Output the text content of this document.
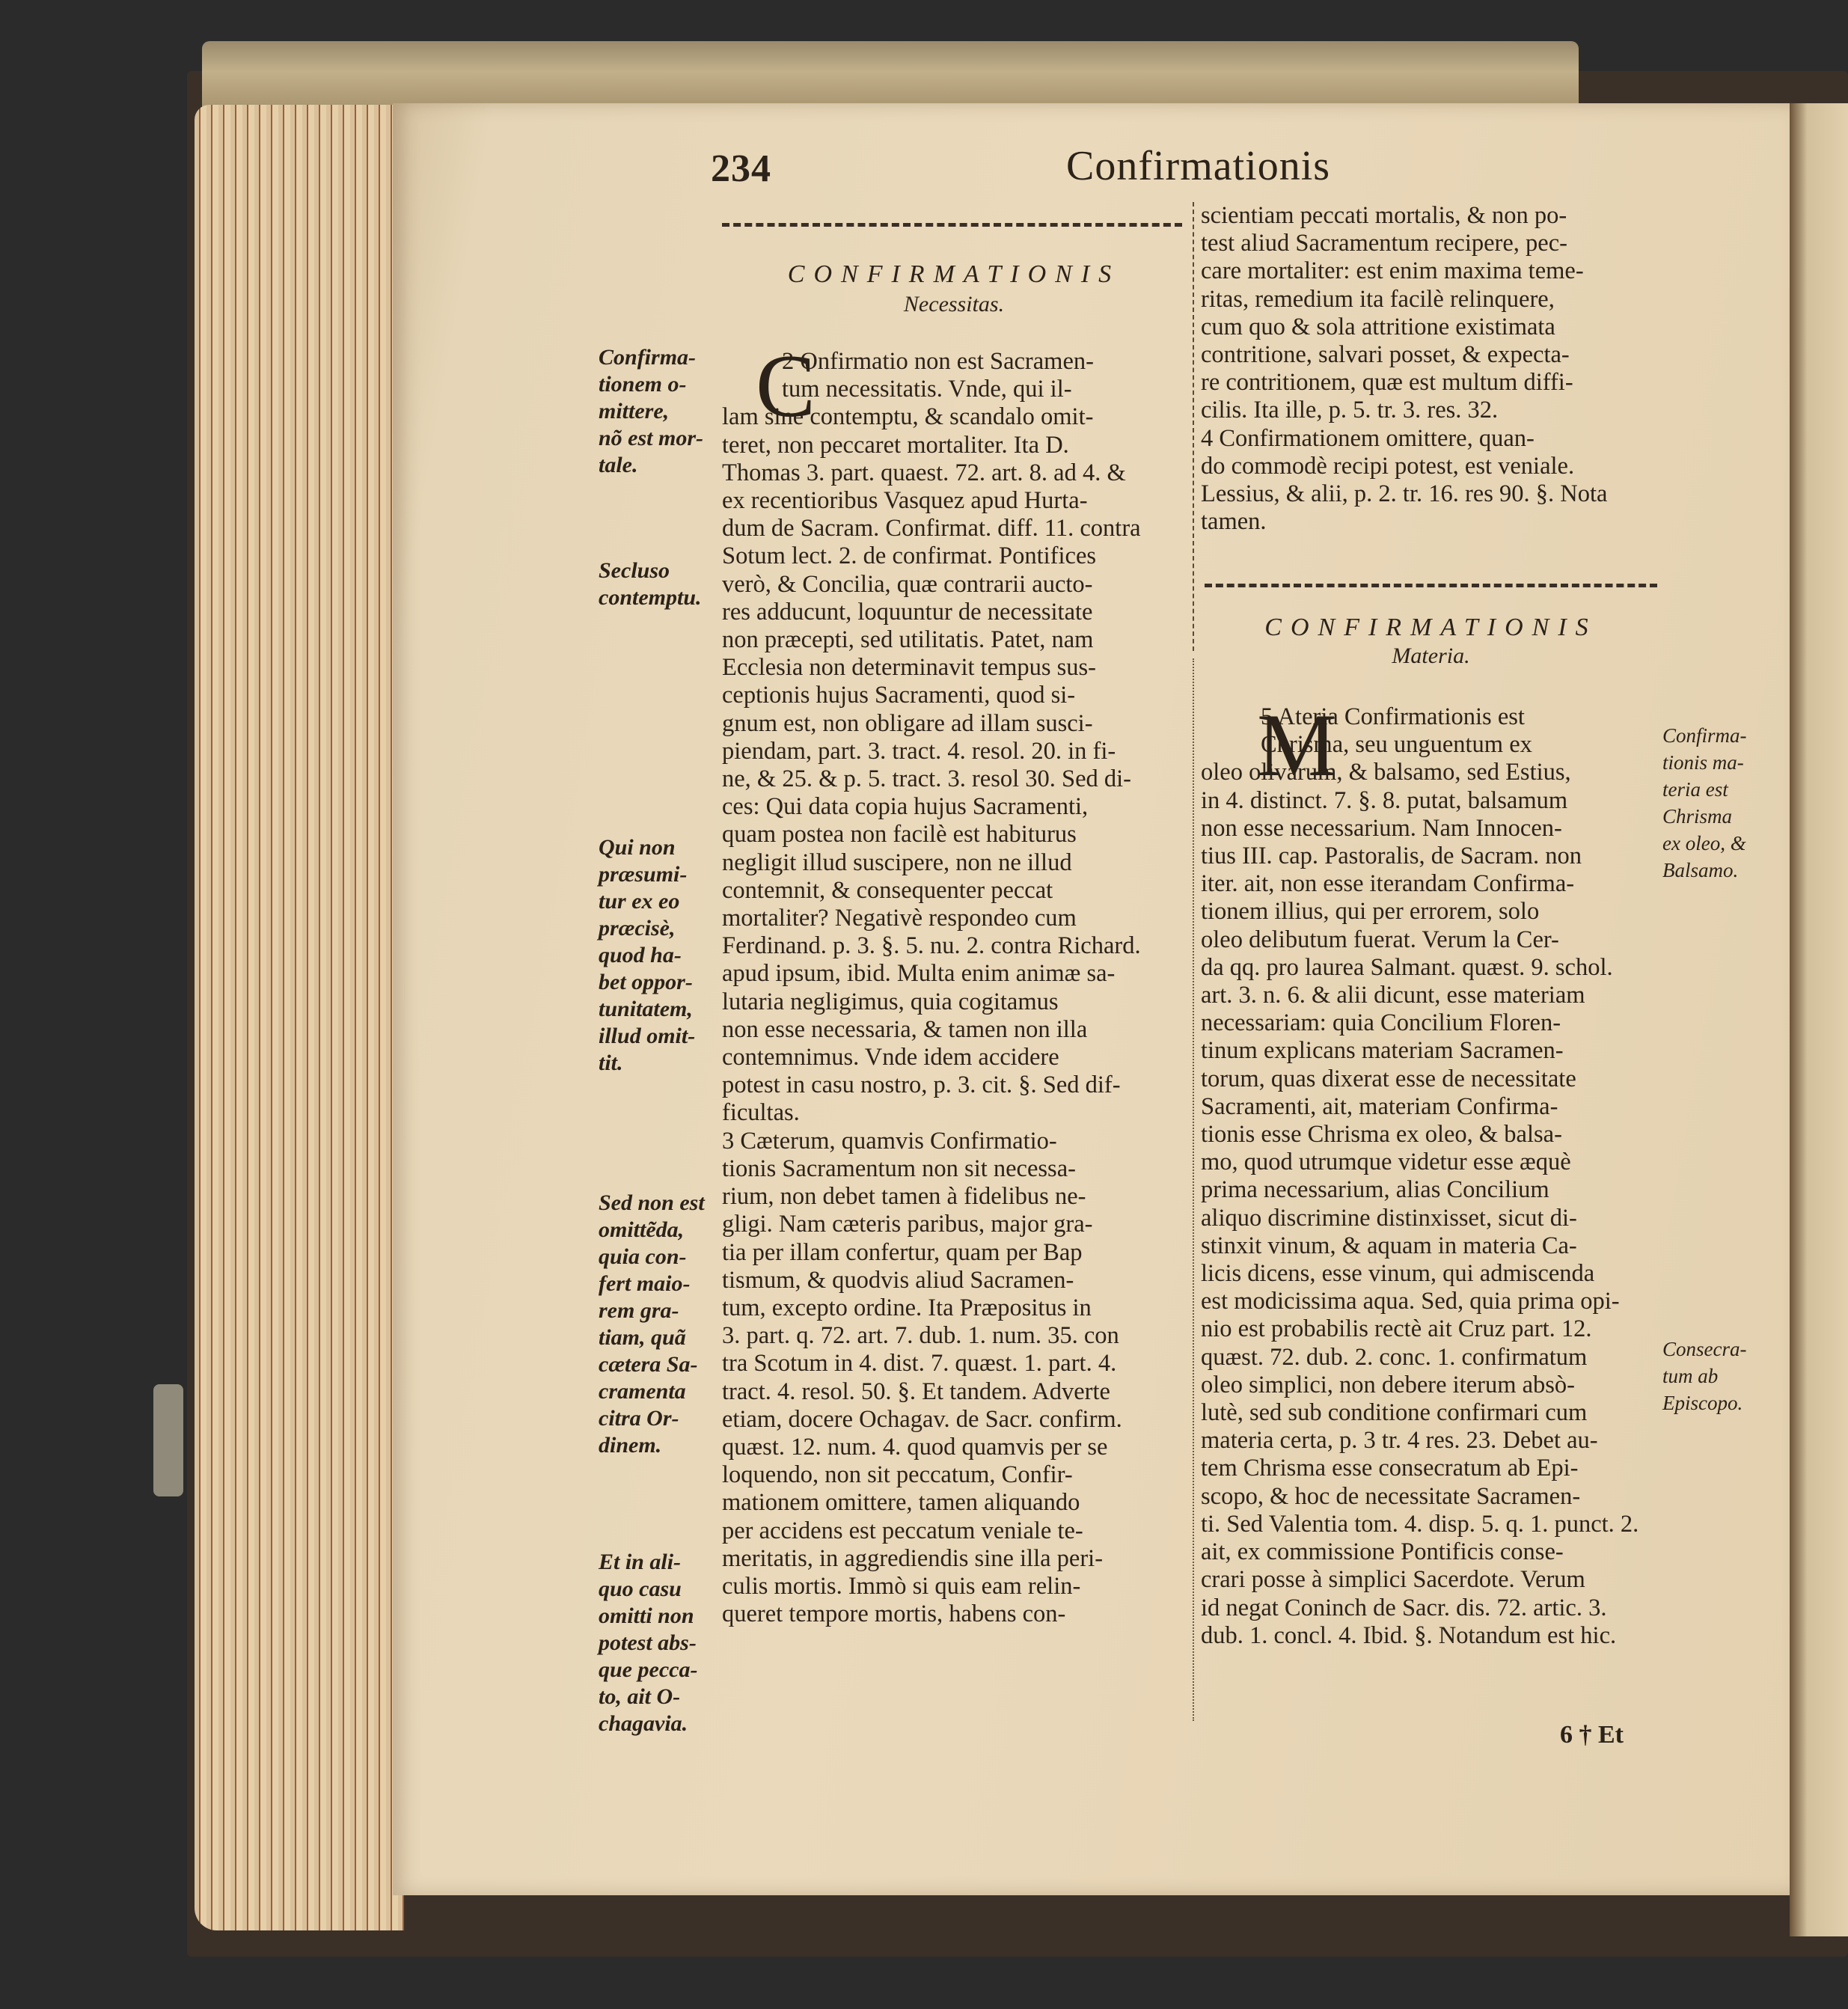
234	Confirmationis
CONFIRMATIONIS
Necessitas.
CONFIRMATIONIS
Materia.
C
M
2 Onfirmatio non est Sacramen-
tum necessitatis. Vnde, qui il-
lam sine contemptu, & scandalo omit-
teret, non peccaret mortaliter. Ita D.
Thomas 3. part. quaest. 72. art. 8. ad 4. &
ex recentioribus Vasquez apud Hurta-
dum de Sacram. Confirmat. diff. 11. contra
Sotum lect. 2. de confirmat. Pontifices
verò, & Concilia, quæ contrarii aucto-
res adducunt, loquuntur de necessitate
non præcepti, sed utilitatis. Patet, nam
Ecclesia non determinavit tempus sus-
ceptionis hujus Sacramenti, quod si-
gnum est, non obligare ad illam susci-
piendam, part. 3. tract. 4. resol. 20. in fi-
ne, & 25. & p. 5. tract. 3. resol 30. Sed di-
ces: Qui data copia hujus Sacramenti,
quam postea non facilè est habiturus
negligit illud suscipere, non ne illud
contemnit, & consequenter peccat
mortaliter? Negativè respondeo cum
Ferdinand. p. 3. §. 5. nu. 2. contra Richard.
apud ipsum, ibid. Multa enim animæ sa-
lutaria negligimus, quia cogitamus
non esse necessaria, & tamen non illa
contemnimus. Vnde idem accidere
potest in casu nostro, p. 3. cit. §. Sed dif-
ficultas.
3 Cæterum, quamvis Confirmatio-
tionis Sacramentum non sit necessa-
rium, non debet tamen à fidelibus ne-
gligi. Nam cæteris paribus, major gra-
tia per illam confertur, quam per Bap
tismum, & quodvis aliud Sacramen-
tum, excepto ordine. Ita Præpositus in
3. part. q. 72. art. 7. dub. 1. num. 35. con
tra Scotum in 4. dist. 7. quæst. 1. part. 4.
tract. 4. resol. 50. §. Et tandem. Adverte
etiam, docere Ochagav. de Sacr. confirm.
quæst. 12. num. 4. quod quamvis per se
loquendo, non sit peccatum, Confir-
mationem omittere, tamen aliquando
per accidens est peccatum veniale te-
meritatis, in aggrediendis sine illa peri-
culis mortis. Immò si quis eam relin-
queret tempore mortis, habens con-
scientiam peccati mortalis, & non po-
test aliud Sacramentum recipere, pec-
care mortaliter: est enim maxima teme-
ritas, remedium ita facilè relinquere,
cum quo & sola attritione existimata
contritione, salvari posset, & expecta-
re contritionem, quæ est multum diffi-
cilis. Ita ille, p. 5. tr. 3. res. 32.
4 Confirmationem omittere, quan-
do commodè recipi potest, est veniale.
Lessius, & alii, p. 2. tr. 16. res 90. §. Nota
tamen.
5 Ateria Confirmationis est
Chrisma, seu unguentum ex
oleo olivarum, & balsamo, sed Estius,
in 4. distinct. 7. §. 8. putat, balsamum
non esse necessarium. Nam Innocen-
tius III. cap. Pastoralis, de Sacram. non
iter. ait, non esse iterandam Confirma-
tionem illius, qui per errorem, solo
oleo delibutum fuerat. Verum la Cer-
da qq. pro laurea Salmant. quæst. 9. schol.
art. 3. n. 6. & alii dicunt, esse materiam
necessariam: quia Concilium Floren-
tinum explicans materiam Sacramen-
torum, quas dixerat esse de necessitate
Sacramenti, ait, materiam Confirma-
tionis esse Chrisma ex oleo, & balsa-
mo, quod utrumque videtur esse æquè
prima necessarium, alias Concilium
aliquo discrimine distinxisset, sicut di-
stinxit vinum, & aquam in materia Ca-
licis dicens, esse vinum, qui admiscenda
est modicissima aqua. Sed, quia prima opi-
nio est probabilis rectè ait Cruz part. 12.
quæst. 72. dub. 2. conc. 1. confirmatum
oleo simplici, non debere iterum absò-
lutè, sed sub conditione confirmari cum
materia certa, p. 3 tr. 4 res. 23. Debet au-
tem Chrisma esse consecratum ab Epi-
scopo, & hoc de necessitate Sacramen-
ti. Sed Valentia tom. 4. disp. 5. q. 1. punct. 2.
ait, ex commissione Pontificis conse-
crari posse à simplici Sacerdote. Verum
id negat Coninch de Sacr. dis. 72. artic. 3.
dub. 1. concl. 4. Ibid. §. Notandum est hic.
Confirma-
tionem o-
mittere,
nõ est mor-
tale.
Secluso
contemptu.
Qui non
præsumi-
tur ex eo
præcisè,
quod ha-
bet oppor-
tunitatem,
illud omit-
tit.
Sed non est
omittẽda,
quia con-
fert maio-
rem gra-
tiam, quã
cætera Sa-
cramenta
citra Or-
dinem.
Et in ali-
quo casu
omitti non
potest abs-
que pecca-
to, ait O-
chagavia.
Confirma-
tionis ma-
teria est
Chrisma
ex oleo, &
Balsamo.
Consecra-
tum ab
Episcopo.
6 † Et
